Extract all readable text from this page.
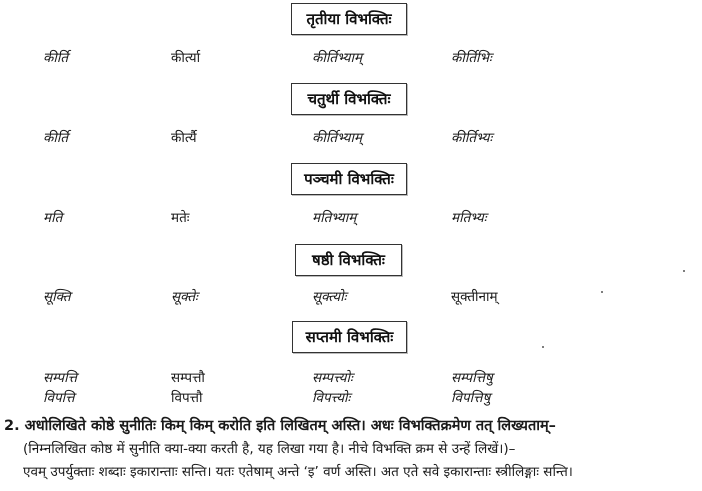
तृतीया विभक्तिः
कीर्ति	कीर्त्या	कीर्तिभ्याम्	कीर्तिभिः
चतुर्थी विभक्तिः
कीर्ति	कीर्त्यै	कीर्तिभ्याम्	कीर्तिभ्यः
पञ्चमी विभक्तिः
मति	मतेः	मतिभ्याम्	मतिभ्यः
षष्ठी विभक्तिः
सूक्ति	सूक्तेः	सूक्त्योः	सूक्तीनाम्
सप्तमी विभक्तिः
सम्पत्ति	सम्पत्तौ	सम्पत्त्योः	सम्पत्तिषु
विपत्ति	विपत्तौ	विपत्त्योः	विपत्तिषु
2. अधोलिखिते कोष्ठे सुनीतिः किम् किम् करोति इति लिखितम् अस्ति। अधः विभक्तिक्रमेण तत् लिख्यताम्–
(निम्नलिखित कोष्ठ में सुनीति क्या-क्या करती है, यह लिखा गया है। नीचे विभक्ति क्रम से उन्हें लिखें।)–
एवम् उपर्युक्ताः शब्दाः इकारान्ताः सन्ति। यतः एतेषाम् अन्ते ‘इ’ वर्ण अस्ति। अत एते सवे इकारान्ताः स्त्रीलिङ्गाः सन्ति।
